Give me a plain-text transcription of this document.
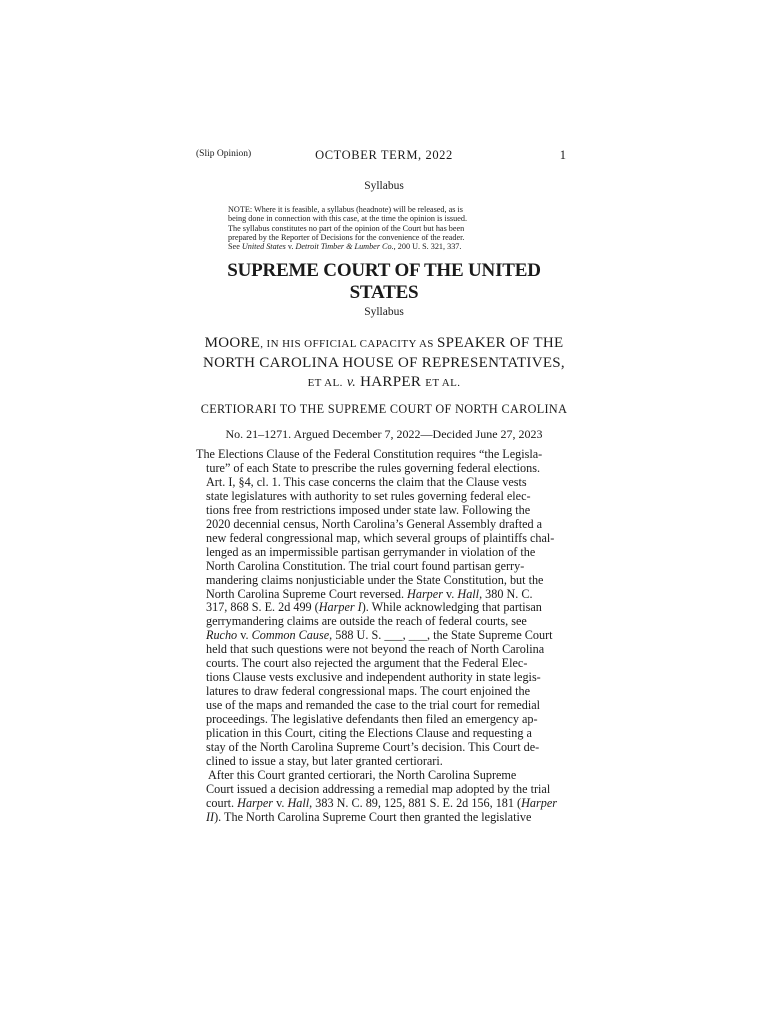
(Slip Opinion)	OCTOBER TERM, 2022	1
Syllabus
NOTE: Where it is feasible, a syllabus (headnote) will be released, as is
being done in connection with this case, at the time the opinion is issued.
The syllabus constitutes no part of the opinion of the Court but has been
prepared by the Reporter of Decisions for the convenience of the reader.
See United States v. Detroit Timber & Lumber Co., 200 U. S. 321, 337.
SUPREME COURT OF THE UNITED STATES
Syllabus
MOORE, IN HIS OFFICIAL CAPACITY AS SPEAKER OF THE
NORTH CAROLINA HOUSE OF REPRESENTATIVES,
ET AL. v. HARPER ET AL.
CERTIORARI TO THE SUPREME COURT OF NORTH CAROLINA
No. 21–1271. Argued December 7, 2022—Decided June 27, 2023
The Elections Clause of the Federal Constitution requires “the Legisla-
ture” of each State to prescribe the rules governing federal elections.
Art. I, §4, cl. 1. This case concerns the claim that the Clause vests
state legislatures with authority to set rules governing federal elec-
tions free from restrictions imposed under state law. Following the
2020 decennial census, North Carolina’s General Assembly drafted a
new federal congressional map, which several groups of plaintiffs chal-
lenged as an impermissible partisan gerrymander in violation of the
North Carolina Constitution. The trial court found partisan gerry-
mandering claims nonjusticiable under the State Constitution, but the
North Carolina Supreme Court reversed. Harper v. Hall, 380 N. C.
317, 868 S. E. 2d 499 (Harper I). While acknowledging that partisan
gerrymandering claims are outside the reach of federal courts, see
Rucho v. Common Cause, 588 U. S. ___, ___, the State Supreme Court
held that such questions were not beyond the reach of North Carolina
courts. The court also rejected the argument that the Federal Elec-
tions Clause vests exclusive and independent authority in state legis-
latures to draw federal congressional maps. The court enjoined the
use of the maps and remanded the case to the trial court for remedial
proceedings. The legislative defendants then filed an emergency ap-
plication in this Court, citing the Elections Clause and requesting a
stay of the North Carolina Supreme Court’s decision. This Court de-
clined to issue a stay, but later granted certiorari.
After this Court granted certiorari, the North Carolina Supreme
Court issued a decision addressing a remedial map adopted by the trial
court. Harper v. Hall, 383 N. C. 89, 125, 881 S. E. 2d 156, 181 (Harper
II). The North Carolina Supreme Court then granted the legislative
